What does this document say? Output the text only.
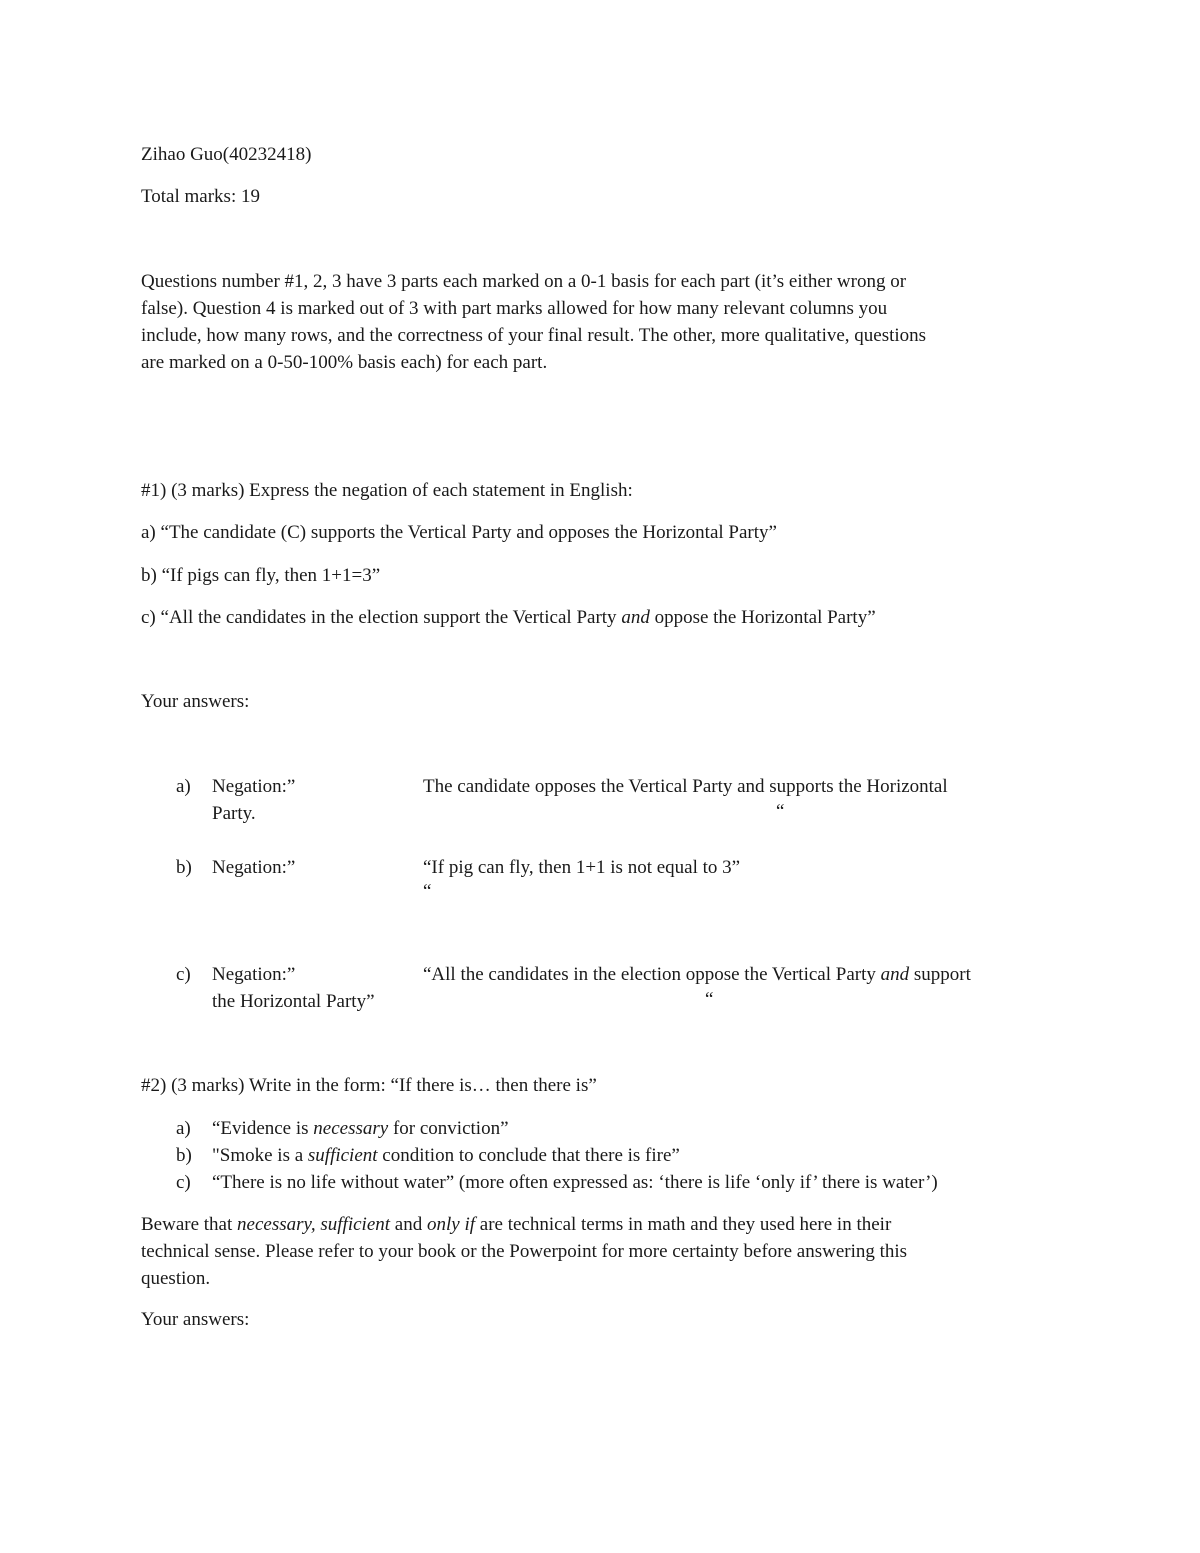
Zihao Guo(40232418)
Total marks: 19
Questions number #1, 2, 3 have 3 parts each marked on a 0-1 basis for each part (it’s either wrong or
false). Question 4 is marked out of 3 with part marks allowed for how many relevant columns you
include, how many rows, and the correctness of your final result. The other, more qualitative, questions
are marked on a 0-50-100% basis each) for each part.
#1) (3 marks) Express the negation of each statement in English:
a) “The candidate (C) supports the Vertical Party and opposes the Horizontal Party”
b) “If pigs can fly, then 1+1=3”
c) “All the candidates in the election support the Vertical Party and oppose the Horizontal Party”
Your answers:
a) Negation:”	The candidate opposes the Vertical Party and supports the Horizontal
Party.	“
b) Negation:”	“If pig can fly, then 1+1 is not equal to 3”
“
c) Negation:”	“All the candidates in the election oppose the Vertical Party and support
the Horizontal Party”	“
#2) (3 marks) Write in the form: “If there is… then there is”
a) “Evidence is necessary for conviction”
b) "Smoke is a sufficient condition to conclude that there is fire”
c) “There is no life without water” (more often expressed as: ‘there is life ‘only if’ there is water’)
Beware that necessary, sufficient and only if are technical terms in math and they used here in their
technical sense. Please refer to your book or the Powerpoint for more certainty before answering this
question.
Your answers:
